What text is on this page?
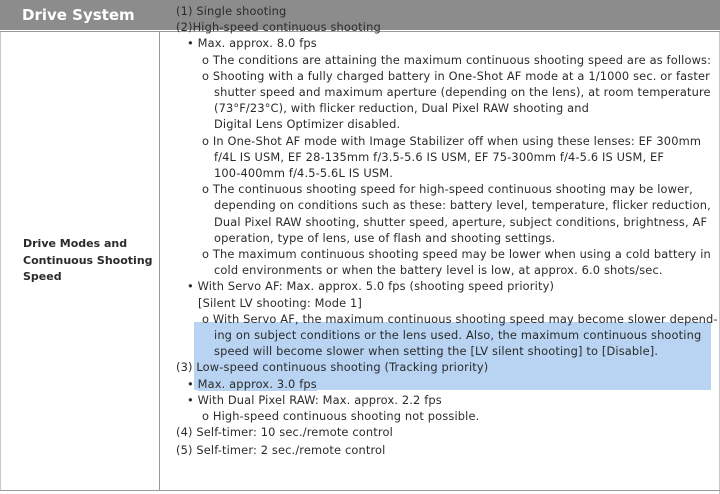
Drive System
Drive Modes and
Continuous Shooting
Speed
(1) Single shooting
(2)High-speed continuous shooting
• Max. approx. 8.0 fps
o The conditions are attaining the maximum continuous shooting speed are as follows:
o Shooting with a fully charged battery in One-Shot AF mode at a 1/1000 sec. or faster
shutter speed and maximum aperture (depending on the lens), at room temperature
(73°F/23°C), with flicker reduction, Dual Pixel RAW shooting and
Digital Lens Optimizer disabled.
o In One-Shot AF mode with Image Stabilizer off when using these lenses: EF 300mm
f/4L IS USM, EF 28-135mm f/3.5-5.6 IS USM, EF 75-300mm f/4-5.6 IS USM, EF
100-400mm f/4.5-5.6L IS USM.
o The continuous shooting speed for high-speed continuous shooting may be lower,
depending on conditions such as these: battery level, temperature, flicker reduction,
Dual Pixel RAW shooting, shutter speed, aperture, subject conditions, brightness, AF
operation, type of lens, use of flash and shooting settings.
o The maximum continuous shooting speed may be lower when using a cold battery in
cold environments or when the battery level is low, at approx. 6.0 shots/sec.
• With Servo AF: Max. approx. 5.0 fps (shooting speed priority)
[Silent LV shooting: Mode 1]
o With Servo AF, the maximum continuous shooting speed may become slower depend-
ing on subject conditions or the lens used. Also, the maximum continuous shooting
speed will become slower when setting the [LV silent shooting] to [Disable].
(3) Low-speed continuous shooting (Tracking priority)
• Max. approx. 3.0 fps
• With Dual Pixel RAW: Max. approx. 2.2 fps
o High-speed continuous shooting not possible.
(4) Self-timer: 10 sec./remote control
(5) Self-timer: 2 sec./remote control
